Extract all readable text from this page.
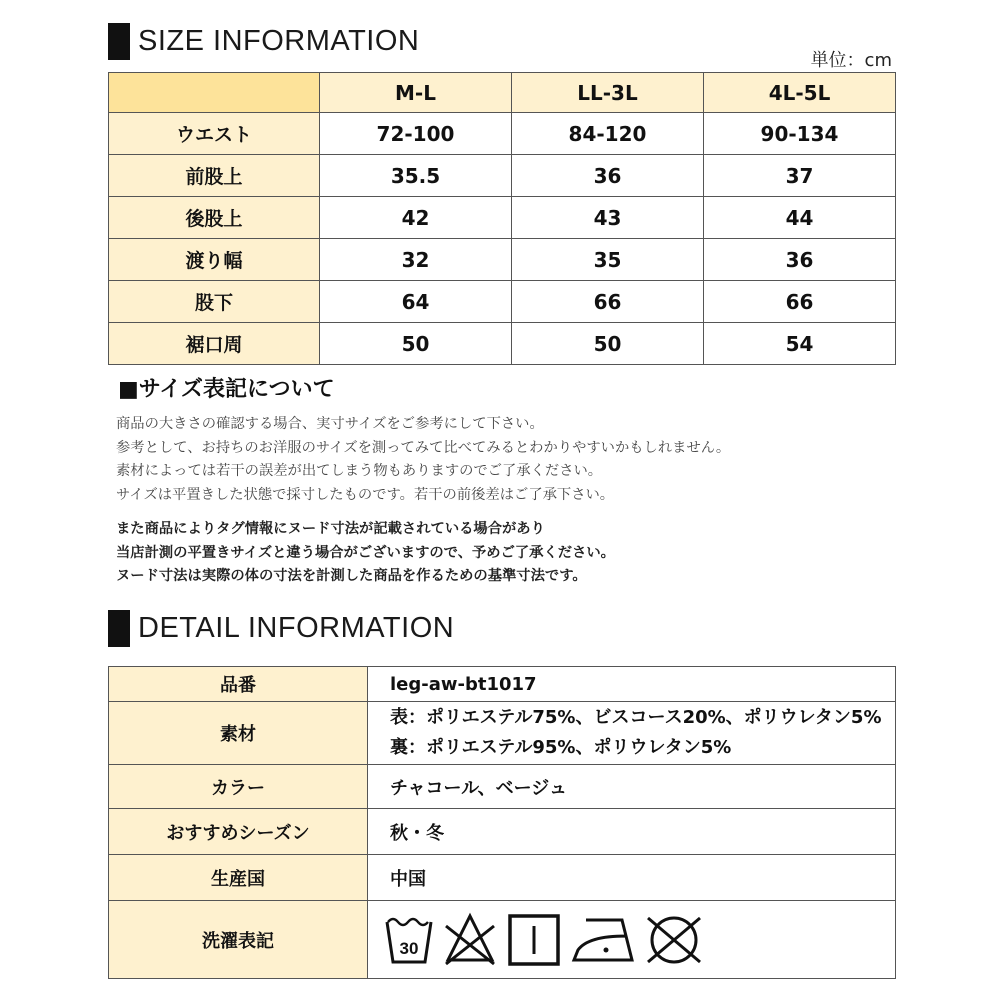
SIZE INFORMATION
単位：cm
	M-L	LL-3L	4L-5L
ウエスト	72-100	84-120	90-134
前股上	35.5	36	37
後股上	42	43	44
渡り幅	32	35	36
股下	64	66	66
裾口周	50	50	54
■サイズ表記について
商品の大きさの確認する場合、実寸サイズをご参考にして下さい。
参考として、お持ちのお洋服のサイズを測ってみて比べてみるとわかりやすいかもしれません。
素材によっては若干の誤差が出てしまう物もありますのでご了承ください。
サイズは平置きした状態で採寸したものです。若干の前後差はご了承下さい。
また商品によりタグ情報にヌード寸法が記載されている場合があり
当店計測の平置きサイズと違う場合がございますので、予めご了承ください。
ヌード寸法は実際の体の寸法を計測した商品を作るための基準寸法です。
DETAIL INFORMATION
品番	leg-aw-bt1017
素材	表：ポリエステル75%、ビスコース20%、ポリウレタン5%
裏：ポリエステル95%、ポリウレタン5%

カラー	チャコール、ベージュ
おすすめシーズン	秋・冬
生産国	中国
洗濯表記	30
